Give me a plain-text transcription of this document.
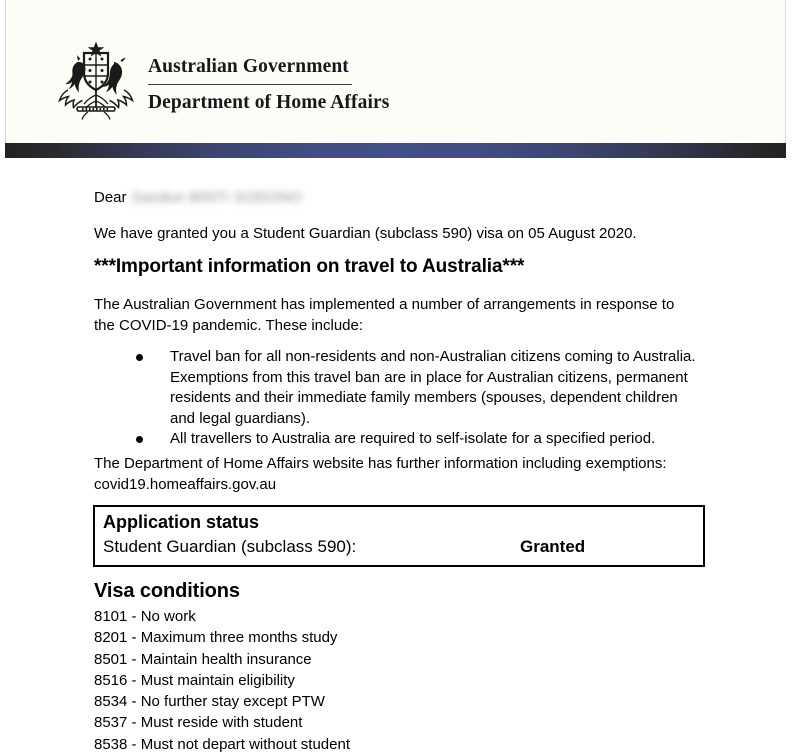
Australian Government
Department of Home Affairs
Dear Sandun BINTI SODONO
We have granted you a Student Guardian (subclass 590) visa on 05 August 2020.
***Important information on travel to Australia***
The Australian Government has implemented a number of arrangements in response to the COVID-19 pandemic. These include:
Travel ban for all non-residents and non-Australian citizens coming to Australia. Exemptions from this travel ban are in place for Australian citizens, permanent residents and their immediate family members (spouses, dependent children and legal guardians).
All travellers to Australia are required to self-isolate for a specified period.
The Department of Home Affairs website has further information including exemptions:
covid19.homeaffairs.gov.au
Application status
Student Guardian (subclass 590):	Granted
Visa conditions
8101 - No work
8201 - Maximum three months study
8501 - Maintain health insurance
8516 - Must maintain eligibility
8534 - No further stay except PTW
8537 - Must reside with student
8538 - Must not depart without student
